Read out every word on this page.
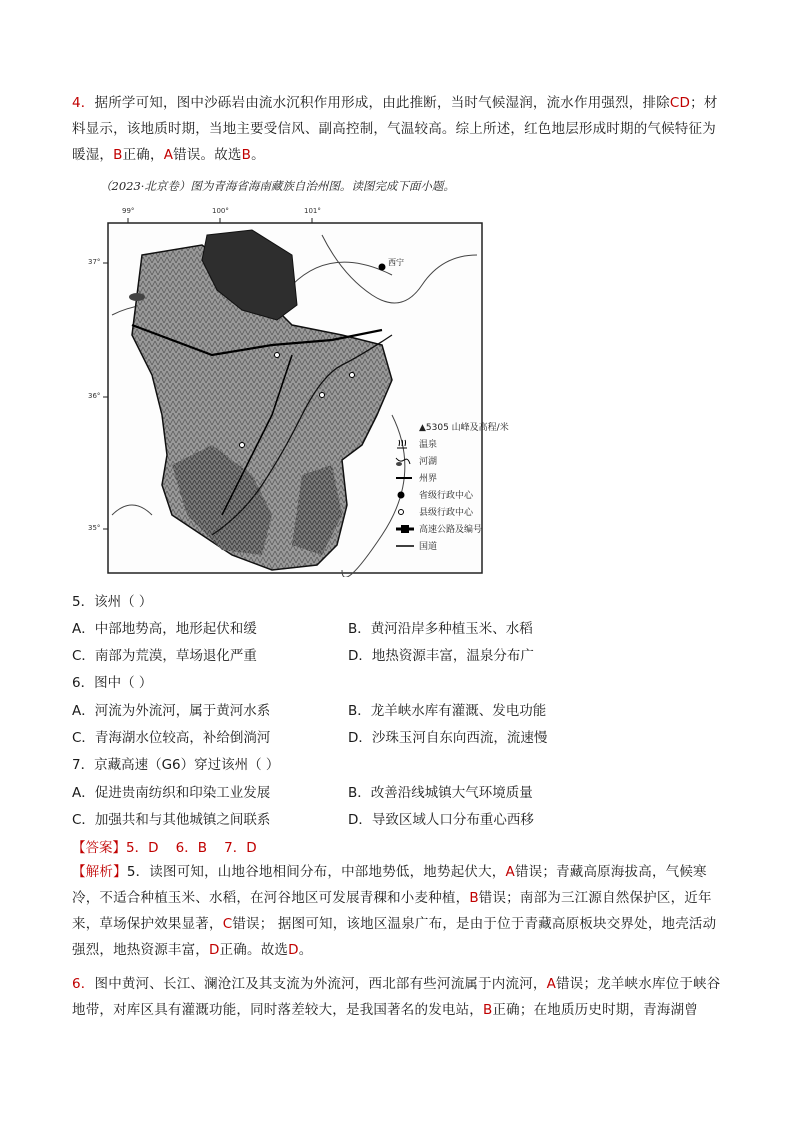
4．据所学可知，图中沙砾岩由流水沉积作用形成，由此推断，当时气候湿润，流水作用强烈，排除CD；材料显示，该地质时期，当地主要受信风、副高控制，气温较高。综上所述，红色地层形成时期的气候特征为暖湿，B正确，A错误。故选B。
（2023·北京卷）图为青海省海南藏族自治州图。读图完成下面小题。
西宁
99°	100°	101°
37°
36°
35°
▲5305 山峰及高程/米
温泉
河湖
州界
省级行政中心
县级行政中心
高速公路及编号
国道
5．该州（ ）
A．中部地势高，地形起伏和缓	B．黄河沿岸多种植玉米、水稻
C．南部为荒漠，草场退化严重	D．地热资源丰富，温泉分布广
6．图中（ ）
A．河流为外流河，属于黄河水系	B．龙羊峡水库有灌溉、发电功能
C．青海湖水位较高，补给倒淌河	D．沙珠玉河自东向西流，流速慢
7．京藏高速（G6）穿过该州（ ）
A．促进贵南纺织和印染工业发展	B．改善沿线城镇大气环境质量
C．加强共和与其他城镇之间联系	D．导致区域人口分布重心西移
【答案】5．D    6．B    7．D
【解析】5．读图可知，山地谷地相间分布，中部地势低，地势起伏大，A错误；青藏高原海拔高，气候寒冷，不适合种植玉米、水稻，在河谷地区可发展青稞和小麦种植，B错误；南部为三江源自然保护区，近年来，草场保护效果显著，C错误； 据图可知，该地区温泉广布，是由于位于青藏高原板块交界处，地壳活动强烈，地热资源丰富，D正确。故选D。
6．图中黄河、长江、澜沧江及其支流为外流河，西北部有些河流属于内流河，A错误；龙羊峡水库位于峡谷地带，对库区具有灌溉功能，同时落差较大，是我国著名的发电站，B正确；在地质历史时期，青海湖曾
